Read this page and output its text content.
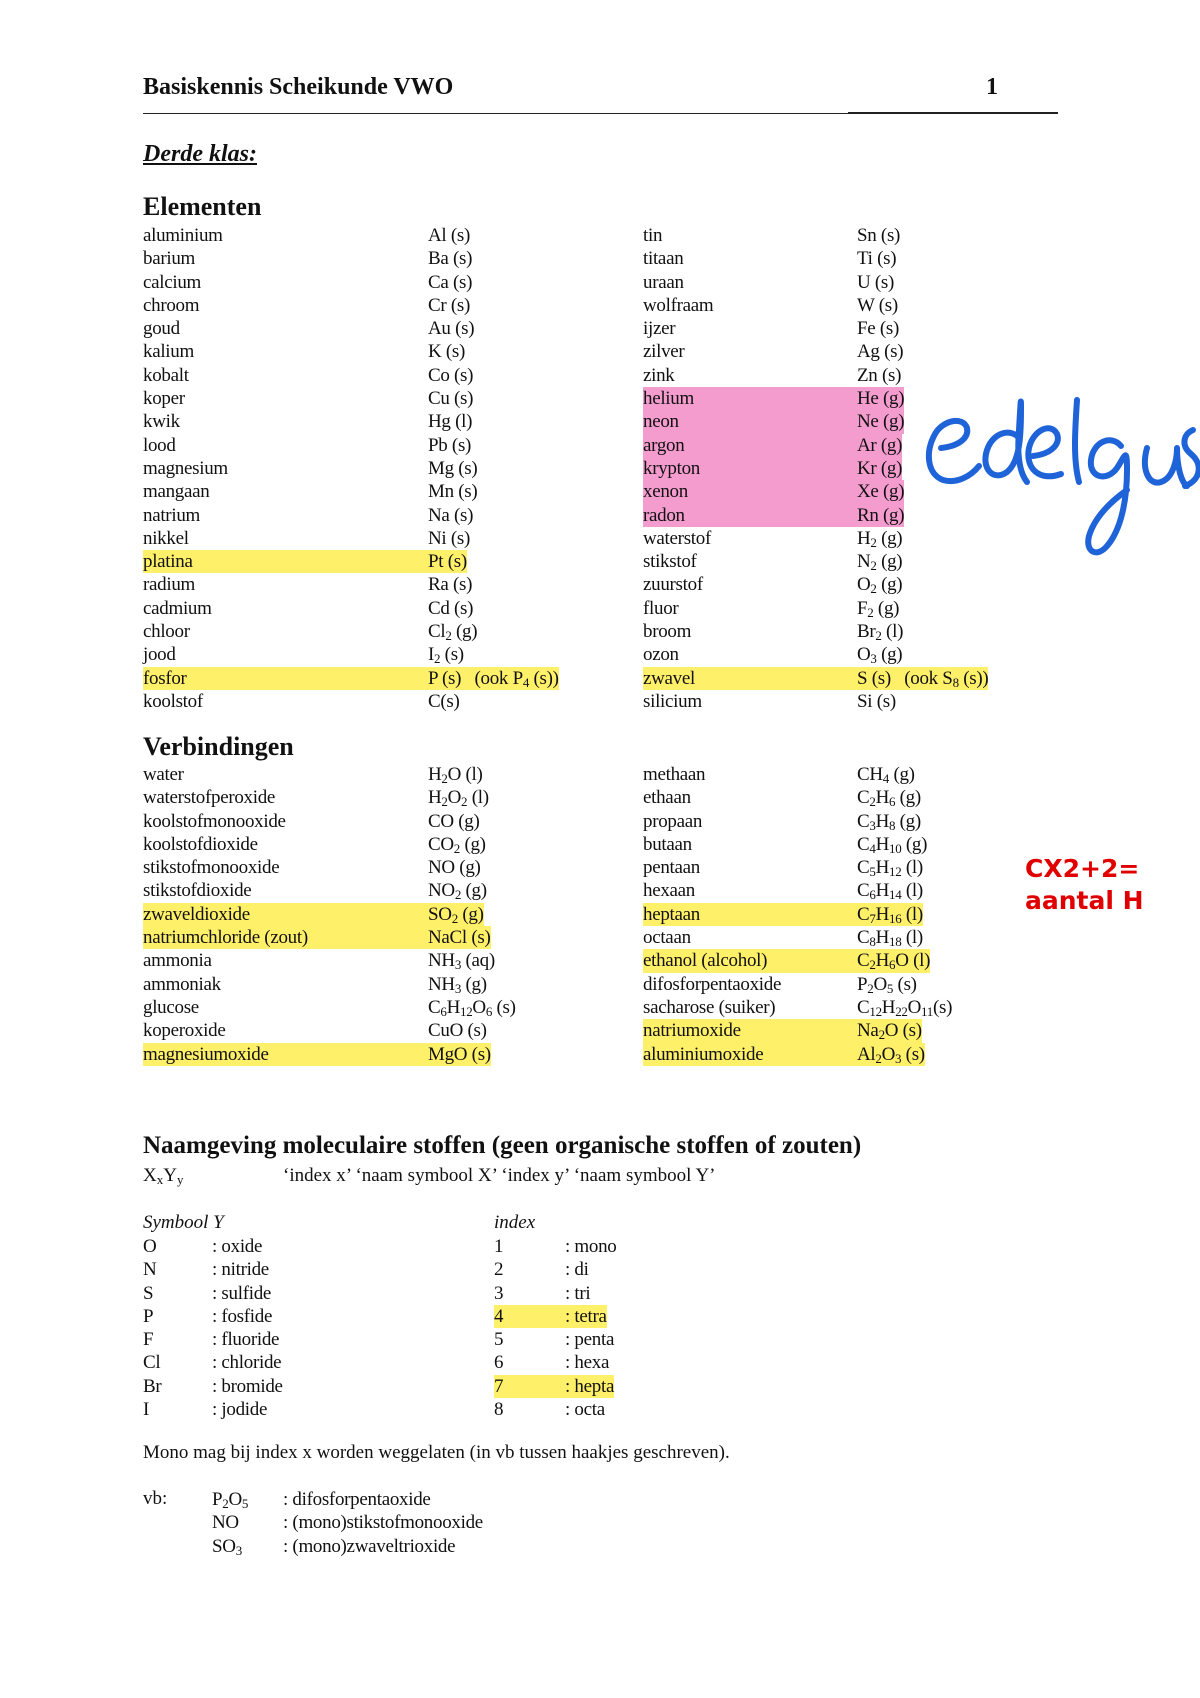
Basiskennis Scheikunde VWO	1
Derde klas:
Elementen
aluminium	Al (s)	tin	Sn (s)
barium	Ba (s)	titaan	Ti (s)
calcium	Ca (s)	uraan	U (s)
chroom	Cr (s)	wolfraam	W (s)
goud	Au (s)	ijzer	Fe (s)
kalium	K (s)	zilver	Ag (s)
kobalt	Co (s)	zink	Zn (s)
koper	Cu (s)	helium	He (g)
kwik	Hg (l)	neon	Ne (g)
lood	Pb (s)	argon	Ar (g)
magnesium	Mg (s)	krypton	Kr (g)
mangaan	Mn (s)	xenon	Xe (g)
natrium	Na (s)	radon	Rn (g)
nikkel	Ni (s)	waterstof	$H_2$ (g)
platina	Pt (s)	stikstof	$N_2$ (g)
radium	Ra (s)	zuurstof	$O_2$ (g)
cadmium	Cd (s)	fluor	$F_2$ (g)
chloor	$Cl_2$ (g)	broom	$Br_2$ (l)
jood	$I_2$ (s)	ozon	$O_3$ (g)
fosfor	P (s)   (ook $P_4$ (s))	zwavel	S (s)   (ook $S_8$ (s))
koolstof	C(s)	silicium	Si (s)
Verbindingen
water	$H_2O$ (l)	methaan	$CH_4$ (g)
waterstofperoxide	$H_2O_2$ (l)	ethaan	$C_2H_6$ (g)
koolstofmonooxide	CO (g)	propaan	$C_3H_8$ (g)
koolstofdioxide	$CO_2$ (g)	butaan	$C_4H_{10}$ (g)
stikstofmonooxide	NO (g)	pentaan	$C_5H_{12}$ (l)
stikstofdioxide	$NO_2$ (g)	hexaan	$C_6H_{14}$ (l)
zwaveldioxide	$SO_2$ (g)	heptaan	$C_7H_{16}$ (l)
natriumchloride (zout)	NaCl (s)	octaan	$C_8H_{18}$ (l)
ammonia	$NH_3$ (aq)	ethanol (alcohol)	$C_2H_6O$ (l)
ammoniak	$NH_3$ (g)	difosforpentaoxide	$P_2O_5$ (s)
glucose	$C_6H_{12}O_6$ (s)	sacharose (suiker)	$C_{12}H_{22}O_{11}(s)$
koperoxide	CuO (s)	natriumoxide	$Na_2O$ (s)
magnesiumoxide	MgO (s)	aluminiumoxide	$Al_2O_3$ (s)
Naamgeving moleculaire stoffen (geen organische stoffen of zouten)
$X_xY_y$	‘index x’ ‘naam symbool X’ ‘index y’ ‘naam symbool Y’
Symbool Y	index
O	: oxide	1	: mono
N	: nitride	2	: di
S	: sulfide	3	: tri
P	: fosfide	4	: tetra
F	: fluoride	5	: penta
Cl	: chloride	6	: hexa
Br	: bromide	7	: hepta
I	: jodide	8	: octa
Mono mag bij index x worden weggelaten (in vb tussen haakjes geschreven).
vb: $P_2O_5$ : difosforpentaoxide
NO : (mono)stikstofmonooxide
$SO_3$ : (mono)zwaveltrioxide
CX2+2=
aantal H
